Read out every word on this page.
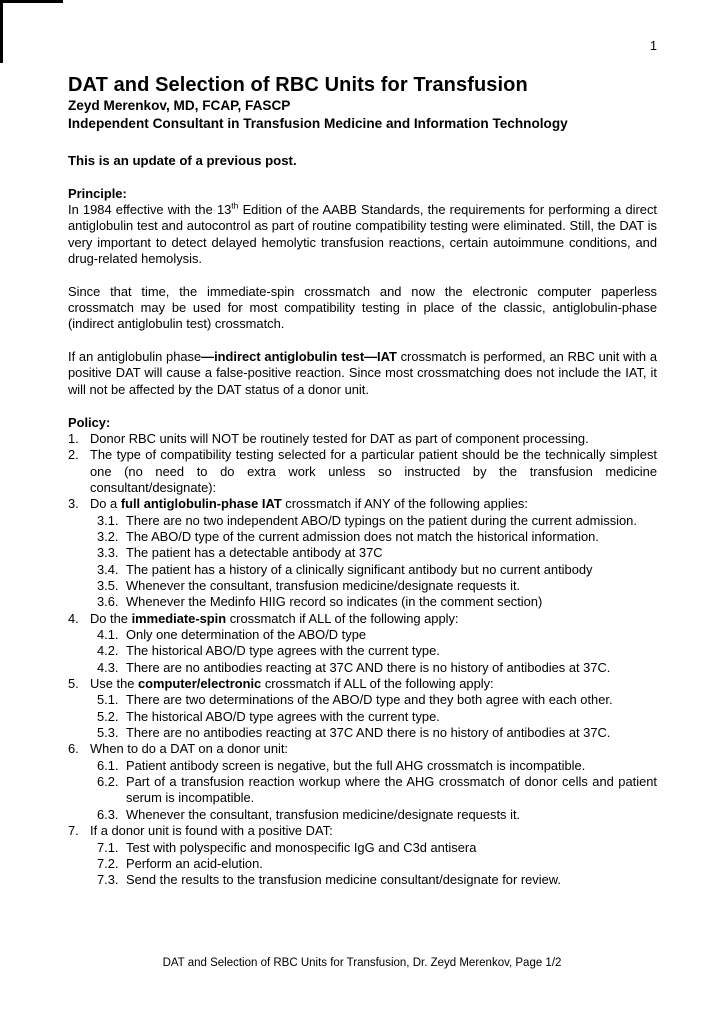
1
DAT and Selection of RBC Units for Transfusion
Zeyd Merenkov, MD, FCAP, FASCP
Independent Consultant in Transfusion Medicine and Information Technology
This is an update of a previous post.
Principle:

In 1984 effective with the 13th Edition of the AABB Standards, the requirements for performing a direct antiglobulin test and autocontrol as part of routine compatibility testing were eliminated. Still, the DAT is very important to detect delayed hemolytic transfusion reactions, certain autoimmune conditions, and drug-related hemolysis.

Since that time, the immediate-spin crossmatch and now the electronic computer paperless crossmatch may be used for most compatibility testing in place of the classic, antiglobulin-phase (indirect antiglobulin test) crossmatch.

If an antiglobulin phase—indirect antiglobulin test—IAT crossmatch is performed, an RBC unit with a positive DAT will cause a false-positive reaction. Since most crossmatching does not include the IAT, it will not be affected by the DAT status of a donor unit.

Policy:
1. Donor RBC units will NOT be routinely tested for DAT as part of component processing.
2. The type of compatibility testing selected for a particular patient should be the technically simplest one (no need to do extra work unless so instructed by the transfusion medicine consultant/designate):
3. Do a full antiglobulin-phase IAT crossmatch if ANY of the following applies:
3.1. There are no two independent ABO/D typings on the patient during the current admission.
3.2. The ABO/D type of the current admission does not match the historical information.
3.3. The patient has a detectable antibody at 37C
3.4. The patient has a history of a clinically significant antibody but no current antibody
3.5. Whenever the consultant, transfusion medicine/designate requests it.
3.6. Whenever the Medinfo HIIG record so indicates (in the comment section)
4. Do the immediate-spin crossmatch if ALL of the following apply:
4.1. Only one determination of the ABO/D type
4.2. The historical ABO/D type agrees with the current type.
4.3. There are no antibodies reacting at 37C AND there is no history of antibodies at 37C.
5. Use the computer/electronic crossmatch if ALL of the following apply:
5.1. There are two determinations of the ABO/D type and they both agree with each other.
5.2. The historical ABO/D type agrees with the current type.
5.3. There are no antibodies reacting at 37C AND there is no history of antibodies at 37C.
6. When to do a DAT on a donor unit:
6.1. Patient antibody screen is negative, but the full AHG crossmatch is incompatible.
6.2. Part of a transfusion reaction workup where the AHG crossmatch of donor cells and patient serum is incompatible.
6.3. Whenever the consultant, transfusion medicine/designate requests it.
7. If a donor unit is found with a positive DAT:
7.1. Test with polyspecific and monospecific IgG and C3d antisera
7.2. Perform an acid-elution.
7.3. Send the results to the transfusion medicine consultant/designate for review.
DAT and Selection of RBC Units for Transfusion, Dr. Zeyd Merenkov, Page 1/2
